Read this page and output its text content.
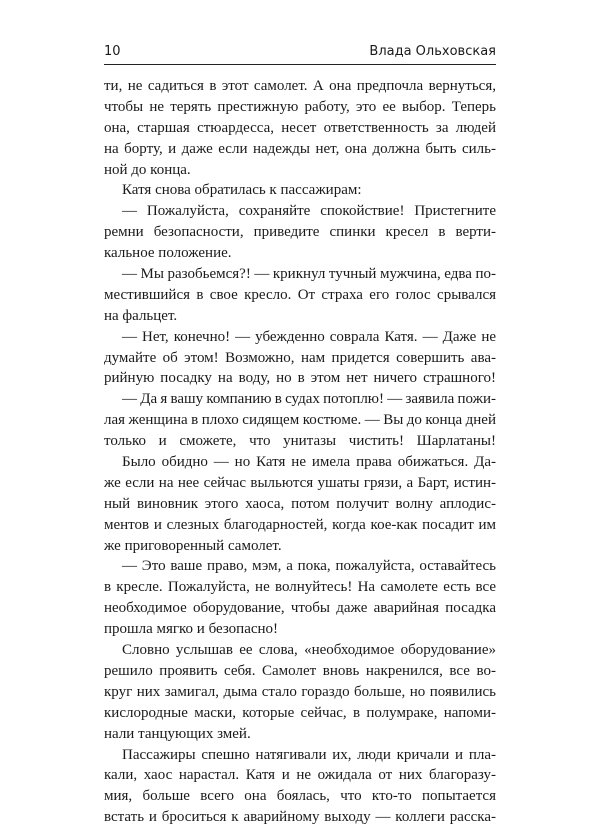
10	Влада Ольховская
ти, не садиться в этот самолет. А она предпочла вернуться,
чтобы не терять престижную работу, это ее выбор. Теперь
она, старшая стюардесса, несет ответственность за людей
на борту, и даже если надежды нет, она должна быть силь-
ной до конца.
Катя снова обратилась к пассажирам:
— Пожалуйста, сохраняйте спокойствие! Пристегните
ремни безопасности, приведите спинки кресел в верти-
кальное положение.
— Мы разобьемся?! — крикнул тучный мужчина, едва по-
местившийся в свое кресло. От страха его голос срывался
на фальцет.
— Нет, конечно! — убежденно соврала Катя. — Даже не
думайте об этом! Возможно, нам придется совершить ава-
рийную посадку на воду, но в этом нет ничего страшного!
— Да я вашу компанию в судах потоплю! — заявила пожи-
лая женщина в плохо сидящем костюме. — Вы до конца дней
только и сможете, что унитазы чистить! Шарлатаны!
Было обидно — но Катя не имела права обижаться. Да-
же если на нее сейчас выльются ушаты грязи, а Барт, истин-
ный виновник этого хаоса, потом получит волну аплодис-
ментов и слезных благодарностей, когда кое-как посадит им
же приговоренный самолет.
— Это ваше право, мэм, а пока, пожалуйста, оставайтесь
в кресле. Пожалуйста, не волнуйтесь! На самолете есть все
необходимое оборудование, чтобы даже аварийная посадка
прошла мягко и безопасно!
Словно услышав ее слова, «необходимое оборудование»
решило проявить себя. Самолет вновь накренился, все во-
круг них замигал, дыма стало гораздо больше, но появились
кислородные маски, которые сейчас, в полумраке, напоми-
нали танцующих змей.
Пассажиры спешно натягивали их, люди кричали и пла-
кали, хаос нарастал. Катя и не ожидала от них благоразу-
мия, больше всего она боялась, что кто-то попытается
встать и броситься к аварийному выходу — коллеги расска-
